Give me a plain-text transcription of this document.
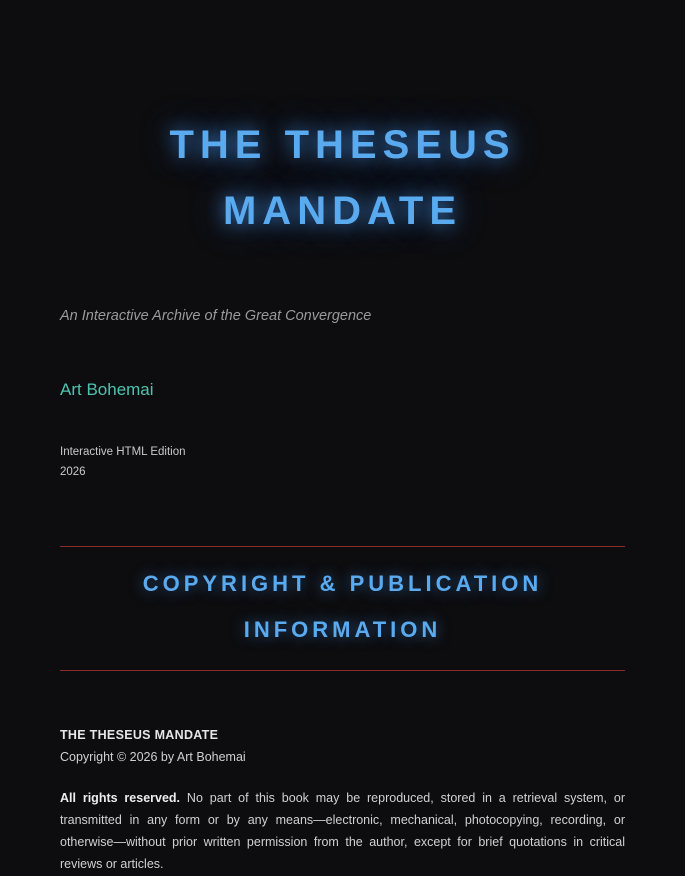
THE THESEUS
MANDATE
An Interactive Archive of the Great Convergence
Art Bohemai
Interactive HTML Edition
2026
COPYRIGHT & PUBLICATION
INFORMATION
THE THESEUS MANDATE
Copyright © 2026 by Art Bohemai

All rights reserved. No part of this book may be reproduced, stored in a retrieval system, or transmitted in any form or by any means—electronic, mechanical, photocopying, recording, or otherwise—without prior written permission from the author, except for brief quotations in critical reviews or articles.
